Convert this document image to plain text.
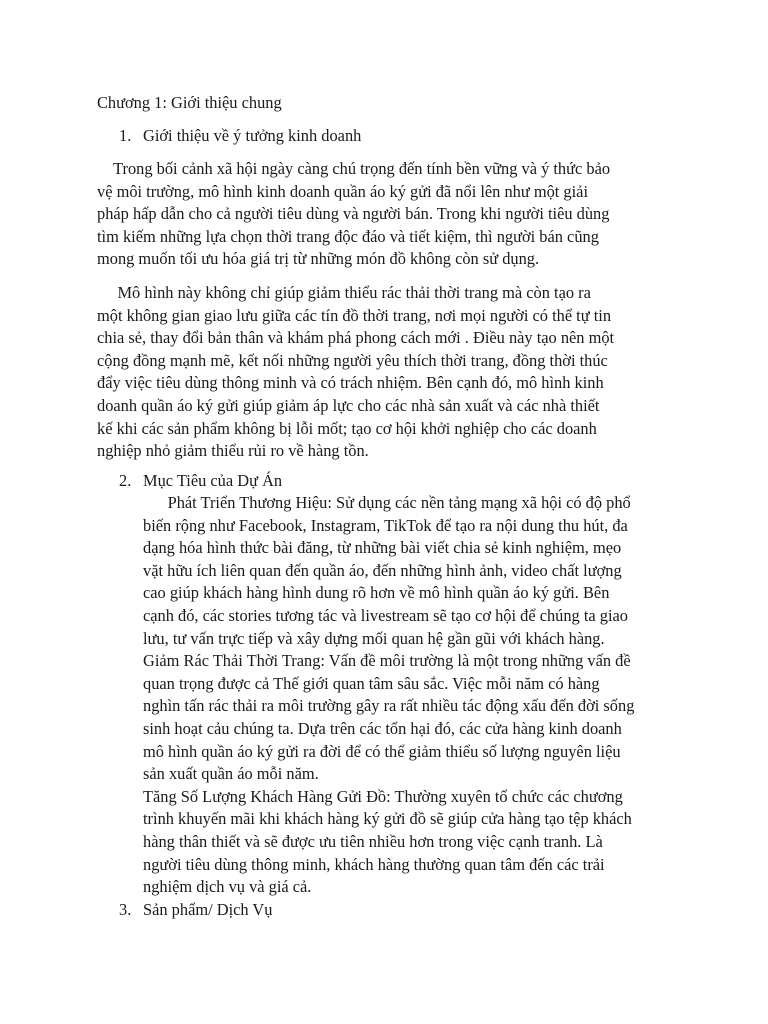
Chương 1: Giới thiệu chung
1. Giới thiệu về ý tưởng kinh doanh

Trong bối cảnh xã hội ngày càng chú trọng đến tính bền vững và ý thức bảo
vệ môi trường, mô hình kinh doanh quần áo ký gửi đã nổi lên như một giải
pháp hấp dẫn cho cả người tiêu dùng và người bán. Trong khi người tiêu dùng
tìm kiếm những lựa chọn thời trang độc đáo và tiết kiệm, thì người bán cũng
mong muốn tối ưu hóa giá trị từ những món đồ không còn sử dụng.

Mô hình này không chỉ giúp giảm thiểu rác thải thời trang mà còn tạo ra
một không gian giao lưu giữa các tín đồ thời trang, nơi mọi người có thể tự tin
chia sẻ, thay đổi bản thân và khám phá phong cách mới . Điều này tạo nên một
cộng đồng mạnh mẽ, kết nối những người yêu thích thời trang, đồng thời thúc
đẩy việc tiêu dùng thông minh và có trách nhiệm. Bên cạnh đó, mô hình kinh
doanh quần áo ký gửi giúp giảm áp lực cho các nhà sản xuất và các nhà thiết
kế khi các sản phẩm không bị lỗi mốt; tạo cơ hội khởi nghiệp cho các doanh
nghiệp nhỏ giảm thiểu rủi ro về hàng tồn.

2. Mục Tiêu của Dự Án
Phát Triển Thương Hiệu: Sử dụng các nền tảng mạng xã hội có độ phổ
biến rộng như Facebook, Instagram, TikTok để tạo ra nội dung thu hút, đa
dạng hóa hình thức bài đăng, từ những bài viết chia sẻ kinh nghiệm, mẹo
vặt hữu ích liên quan đến quần áo, đến những hình ảnh, video chất lượng
cao giúp khách hàng hình dung rõ hơn về mô hình quần áo ký gửi. Bên
cạnh đó, các stories tương tác và livestream sẽ tạo cơ hội để chúng ta giao
lưu, tư vấn trực tiếp và xây dựng mối quan hệ gần gũi với khách hàng.
Giảm Rác Thải Thời Trang: Vấn đề môi trường là một trong những vấn đề
quan trọng được cả Thế giới quan tâm sâu sắc. Việc mỗi năm có hàng
nghìn tấn rác thải ra môi trường gây ra rất nhiều tác động xấu đến đời sống
sinh hoạt cảu chúng ta. Dựa trên các tổn hại đó, các cửa hàng kinh doanh
mô hình quần áo ký gửi ra đời để có thể giảm thiểu số lượng nguyên liệu
sản xuất quần áo mỗi năm.
Tăng Số Lượng Khách Hàng Gửi Đồ: Thường xuyên tổ chức các chương
trình khuyến mãi khi khách hàng ký gửi đồ sẽ giúp cửa hàng tạo tệp khách
hàng thân thiết và sẽ được ưu tiên nhiều hơn trong việc cạnh tranh. Là
người tiêu dùng thông minh, khách hàng thường quan tâm đến các trải
nghiệm dịch vụ và giá cả.
3. Sản phẩm/ Dịch Vụ
